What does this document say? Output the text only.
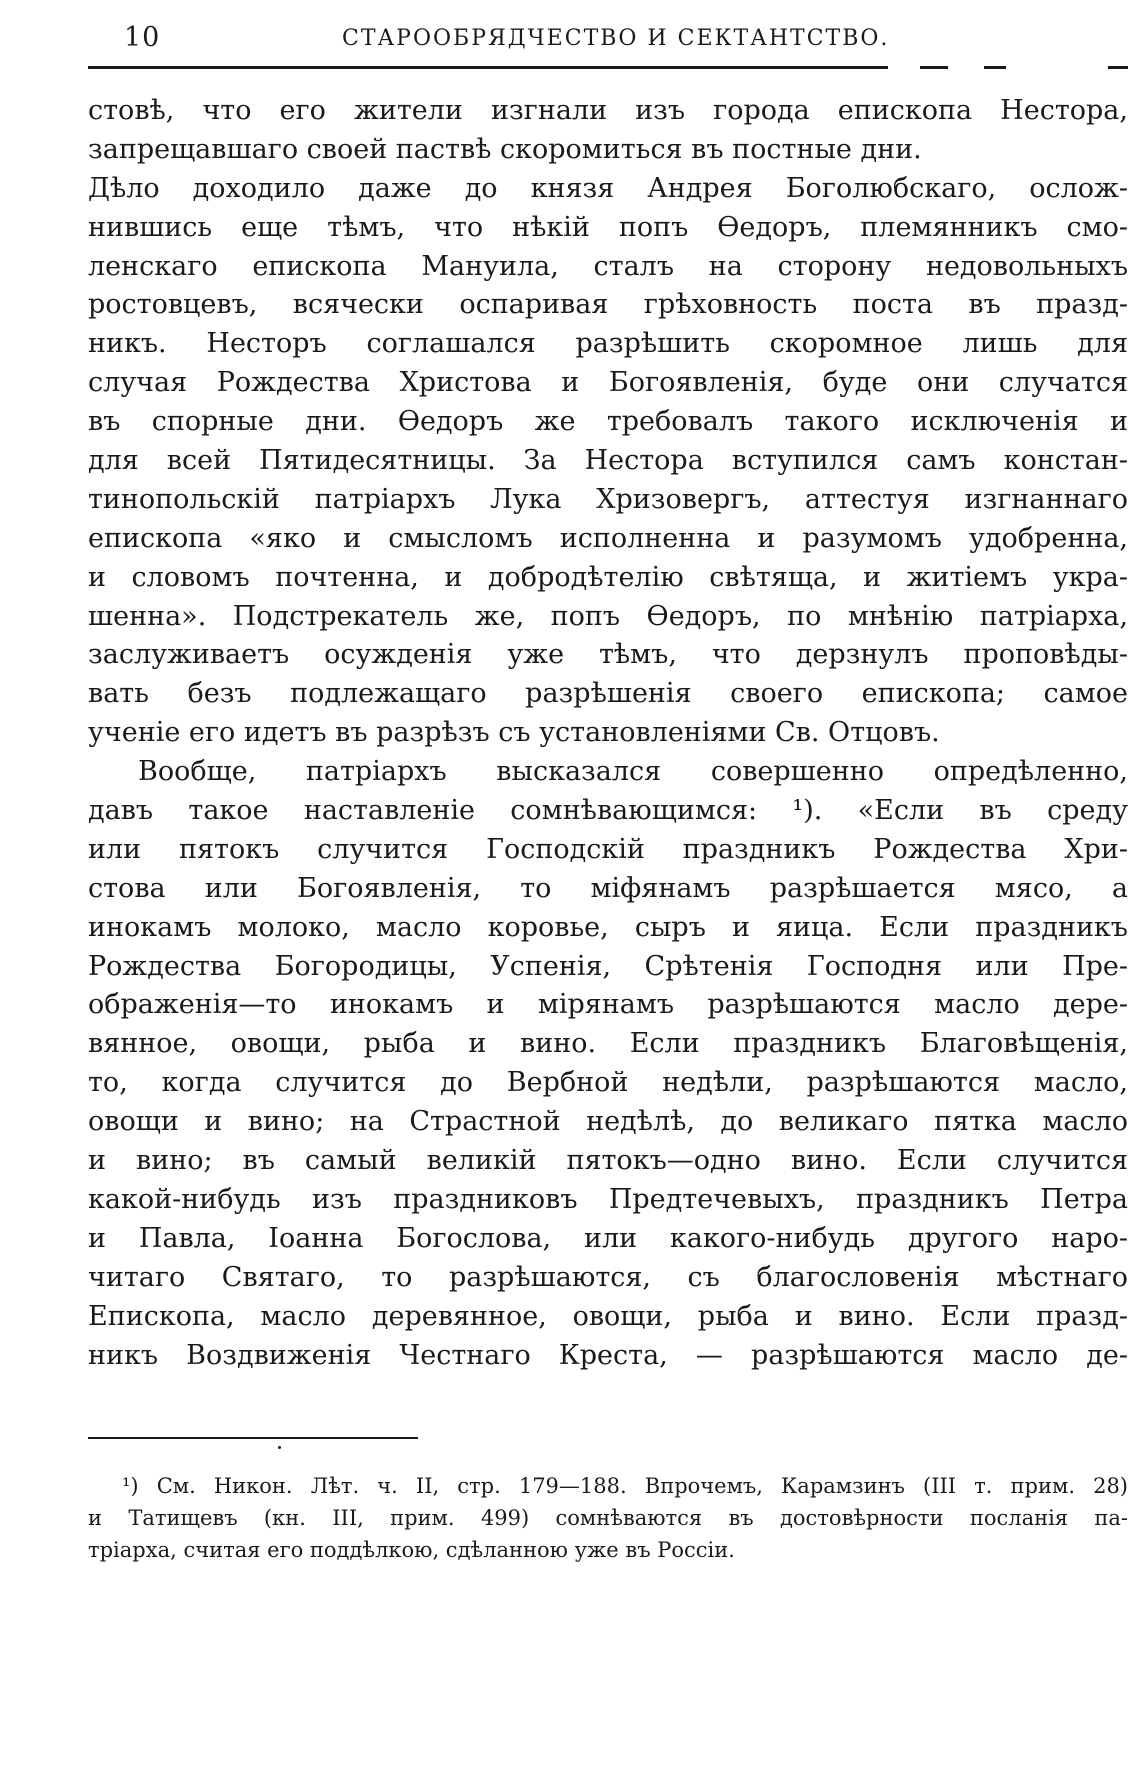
10	СТАРООБРЯДЧЕСТВО И СЕКТАНТСТВО.
стовѣ, что его жители изгнали изъ города епископа Нестора,
запрещавшаго своей паствѣ скоромиться въ постные дни.
Дѣло доходило даже до князя Андрея Боголюбскаго, ослож-
нившись еще тѣмъ, что нѣкій попъ Ѳедоръ, племянникъ смо-
ленскаго епископа Мануила, сталъ на сторону недовольныхъ
ростовцевъ, всячески оспаривая грѣховность поста въ празд-
никъ. Несторъ соглашался разрѣшить скоромное лишь для
случая Рождества Христова и Богоявленія, буде они случатся
въ спорные дни. Ѳедоръ же требовалъ такого исключенія и
для всей Пятидесятницы. За Нестора вступился самъ констан-
тинопольскій патріархъ Лука Хризовергъ, аттестуя изгнаннаго
епископа «яко и смысломъ исполненна и разумомъ удобренна,
и словомъ почтенна, и добродѣтелію свѣтяща, и житіемъ укра-
шенна». Подстрекатель же, попъ Ѳедоръ, по мнѣнію патріарха,
заслуживаетъ осужденія уже тѣмъ, что дерзнулъ проповѣды-
вать безъ подлежащаго разрѣшенія своего епископа; самое
ученіе его идетъ въ разрѣзъ съ установленіями Св. Отцовъ.
Вообще, патріархъ высказался совершенно опредѣленно,
давъ такое наставленіе сомнѣвающимся: ¹). «Если въ среду
или пятокъ случится Господскій праздникъ Рождества Хри-
стова или Богоявленія, то міфянамъ разрѣшается мясо, а
инокамъ молоко, масло коровье, сыръ и яица. Если праздникъ
Рождества Богородицы, Успенія, Срѣтенія Господня или Пре-
ображенія—то инокамъ и мірянамъ разрѣшаются масло дере-
вянное, овощи, рыба и вино. Если праздникъ Благовѣщенія,
то, когда случится до Вербной недѣли, разрѣшаются масло,
овощи и вино; на Страстной недѣлѣ, до великаго пятка масло
и вино; въ самый великій пятокъ—одно вино. Если случится
какой-нибудь изъ праздниковъ Предтечевыхъ, праздникъ Петра
и Павла, Іоанна Богослова, или какого-нибудь другого наро-
читаго Святаго, то разрѣшаются, съ благословенія мѣстнаго
Епископа, масло деревянное, овощи, рыба и вино. Если празд-
никъ Воздвиженія Честнаго Креста, — разрѣшаются масло де-
¹) См. Никон. Лѣт. ч. II, стр. 179—188. Впрочемъ, Карамзинъ (III т. прим. 28)
и Татищевъ (кн. III, прим. 499) сомнѣваются въ достовѣрности посланія па-
тріарха, считая его поддѣлкою, сдѣланною уже въ Россіи.
